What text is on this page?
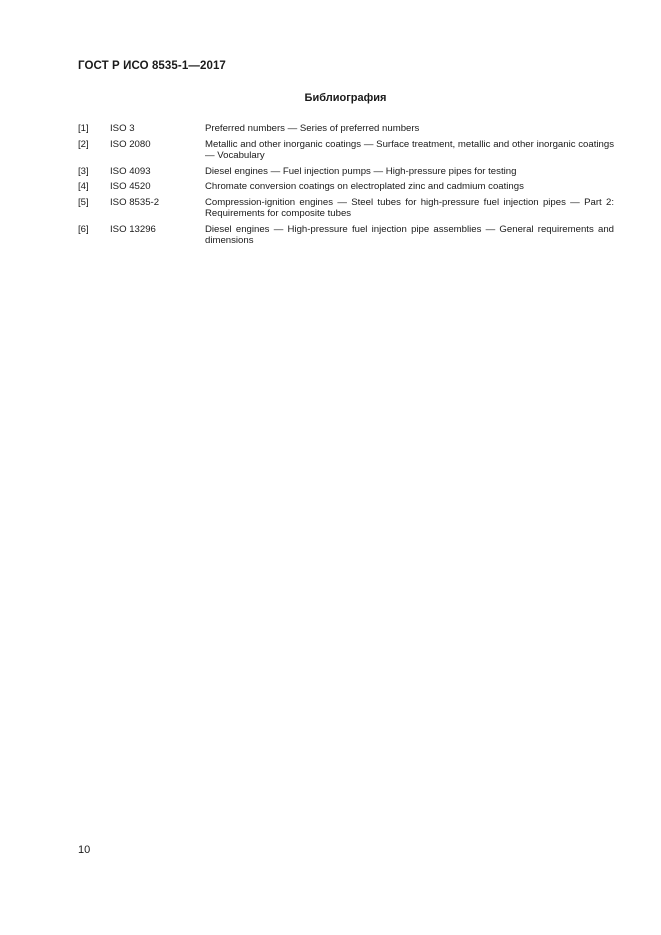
ГОСТ Р ИСО 8535-1—2017
Библиография
[1]	ISO 3	Preferred numbers — Series of preferred numbers
[2]	ISO 2080	Metallic and other inorganic coatings — Surface treatment, metallic and other inorganic coatings — Vocabulary
[3]	ISO 4093	Diesel engines — Fuel injection pumps — High-pressure pipes for testing
[4]	ISO 4520	Chromate conversion coatings on electroplated zinc and cadmium coatings
[5]	ISO 8535-2	Compression-ignition engines — Steel tubes for high-pressure fuel injection pipes — Part 2: Requirements for composite tubes
[6]	ISO 13296	Diesel engines — High-pressure fuel injection pipe assemblies — General requirements and dimensions
10
